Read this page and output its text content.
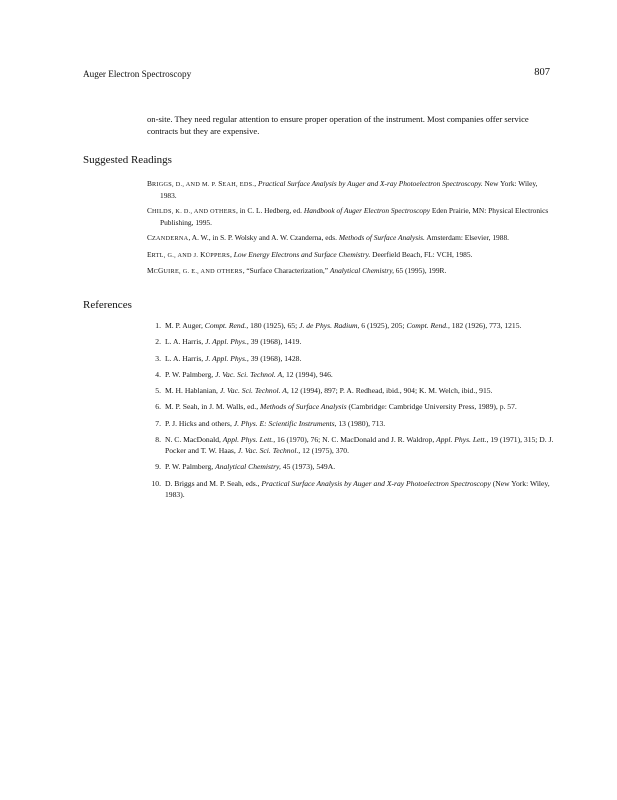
Auger Electron Spectroscopy	807

on-site. They need regular attention to ensure proper operation of the instrument. Most companies offer service contracts but they are expensive.

Suggested Readings
BRIGGS, D., AND M. P. SEAH, EDS., Practical Surface Analysis by Auger and X-ray Photoelectron Spectroscopy. New York: Wiley, 1983.
CHILDS, K. D., AND OTHERS, in C. L. Hedberg, ed. Handbook of Auger Electron Spectroscopy Eden Prairie, MN: Physical Electronics Publishing, 1995.
CZANDERNA, A. W., in S. P. Wolsky and A. W. Czanderna, eds. Methods of Surface Analysis. Amsterdam: Elsevier, 1988.
ERTL, G., AND J. KÜPPERS, Low Energy Electrons and Surface Chemistry. Deerfield Beach, FL: VCH, 1985.
MCGUIRE, G. E., AND OTHERS, “Surface Characterization,” Analytical Chemistry, 65 (1995), 199R.
References
1. M. P. Auger, Compt. Rend., 180 (1925), 65; J. de Phys. Radium, 6 (1925), 205; Compt. Rend., 182 (1926), 773, 1215.
2. L. A. Harris, J. Appl. Phys., 39 (1968), 1419.
3. L. A. Harris, J. Appl. Phys., 39 (1968), 1428.
4. P. W. Palmberg, J. Vac. Sci. Technol. A, 12 (1994), 946.
5. M. H. Hablanian, J. Vac. Sci. Technol. A, 12 (1994), 897; P. A. Redhead, ibid., 904; K. M. Welch, ibid., 915.
6. M. P. Seah, in J. M. Walls, ed., Methods of Surface Analysis (Cambridge: Cambridge University Press, 1989), p. 57.
7. P. J. Hicks and others, J. Phys. E: Scientific Instruments, 13 (1980), 713.
8. N. C. MacDonald, Appl. Phys. Lett., 16 (1970), 76; N. C. MacDonald and J. R. Waldrop, Appl. Phys. Lett., 19 (1971), 315; D. J. Pocker and T. W. Haas, J. Vac. Sci. Technol., 12 (1975), 370.
9. P. W. Palmberg, Analytical Chemistry, 45 (1973), 549A.
10. D. Briggs and M. P. Seah, eds., Practical Surface Analysis by Auger and X-ray Photoelectron Spectroscopy (New York: Wiley, 1983).
